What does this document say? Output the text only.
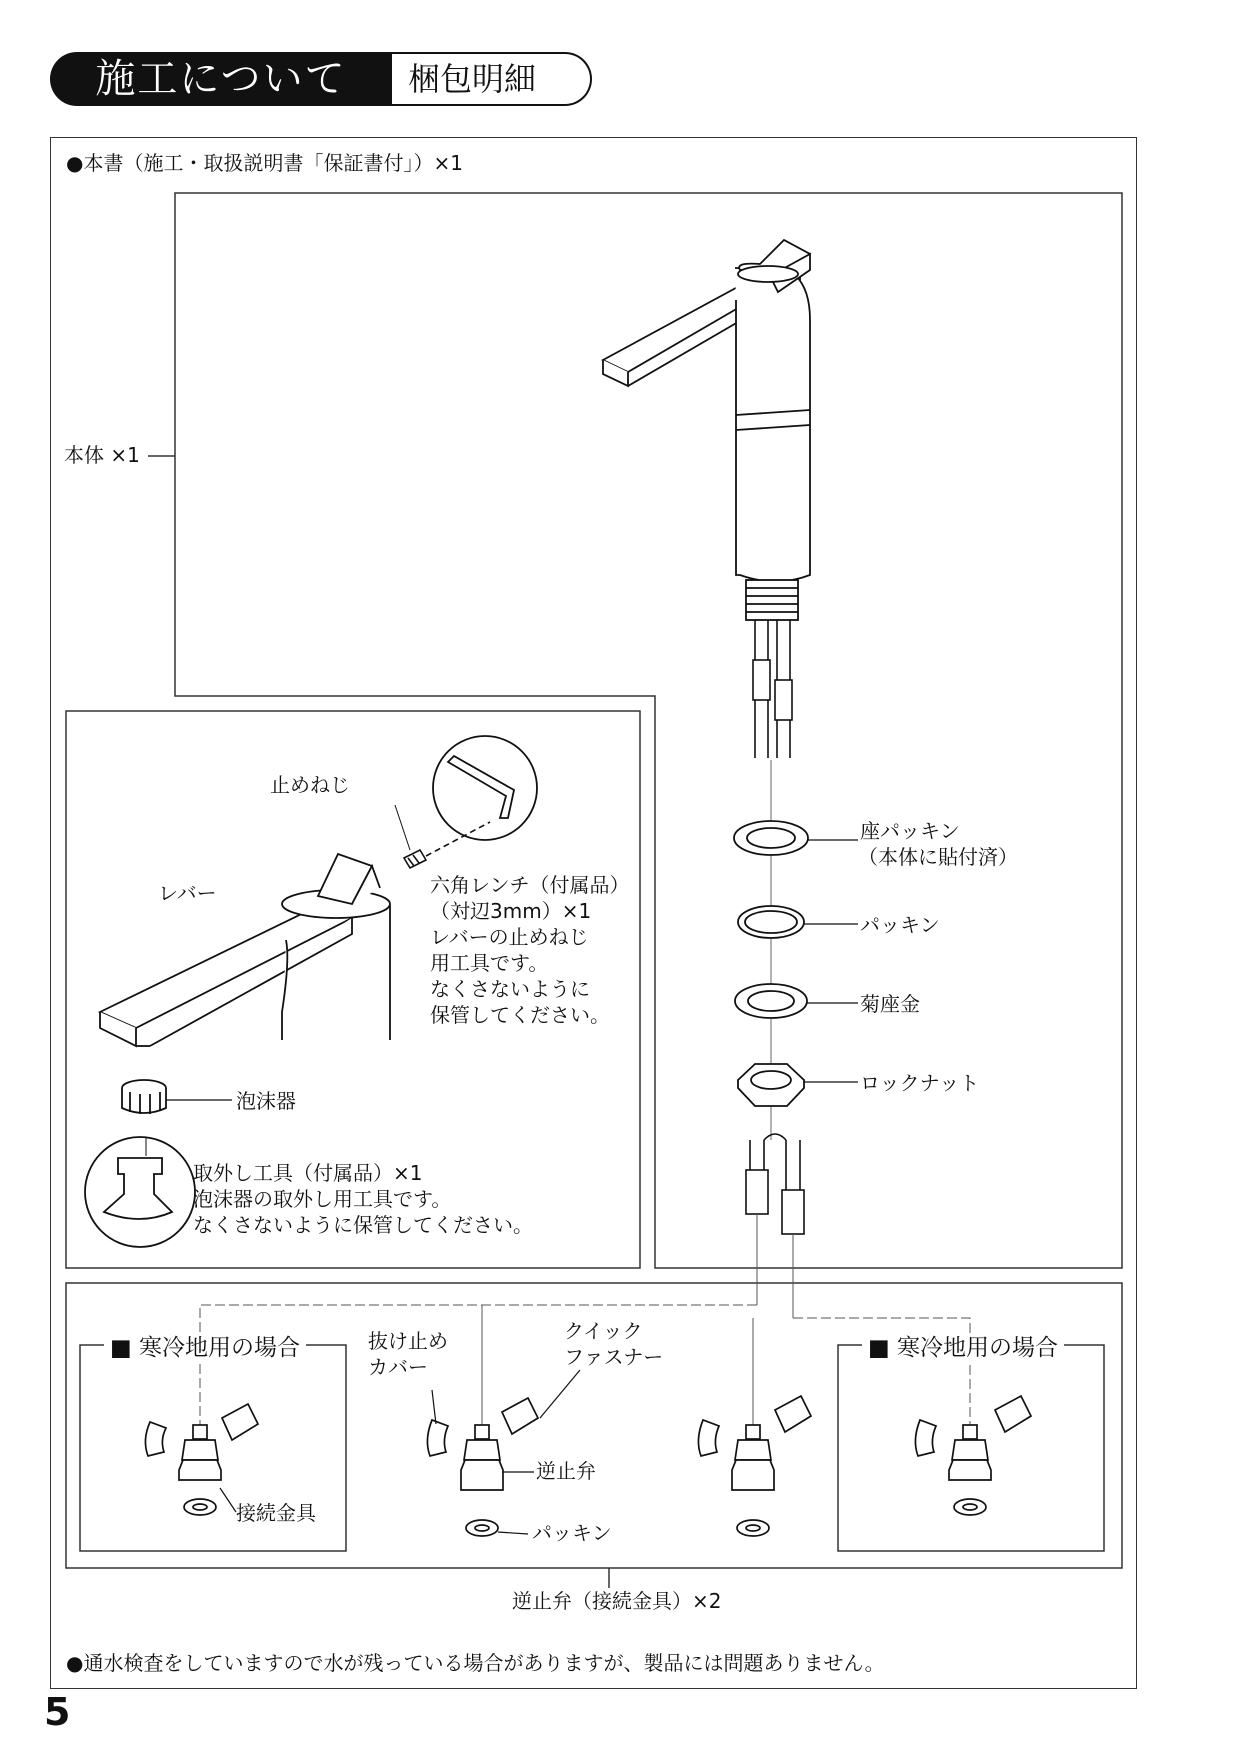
施工について	梱包明細
●本書（施工・取扱説明書「保証書付」）×1
本体 ×1
座パッキン
（本体に貼付済）
パッキン
菊座金
ロックナット
止めねじ
レバー	六角レンチ（付属品）
（対辺3mm）×1
レバーの止めねじ
用工具です。
なくさないように
保管してください。
泡沫器
取外し工具（付属品）×1
泡沫器の取外し用工具です。
なくさないように保管してください。
■ 寒冷地用の場合	■ 寒冷地用の場合
接続金具
抜け止め
カバー
クイック
ファスナー
逆止弁
パッキン
逆止弁（接続金具）×2
●通水検査をしていますので水が残っている場合がありますが、製品には問題ありません。
5
